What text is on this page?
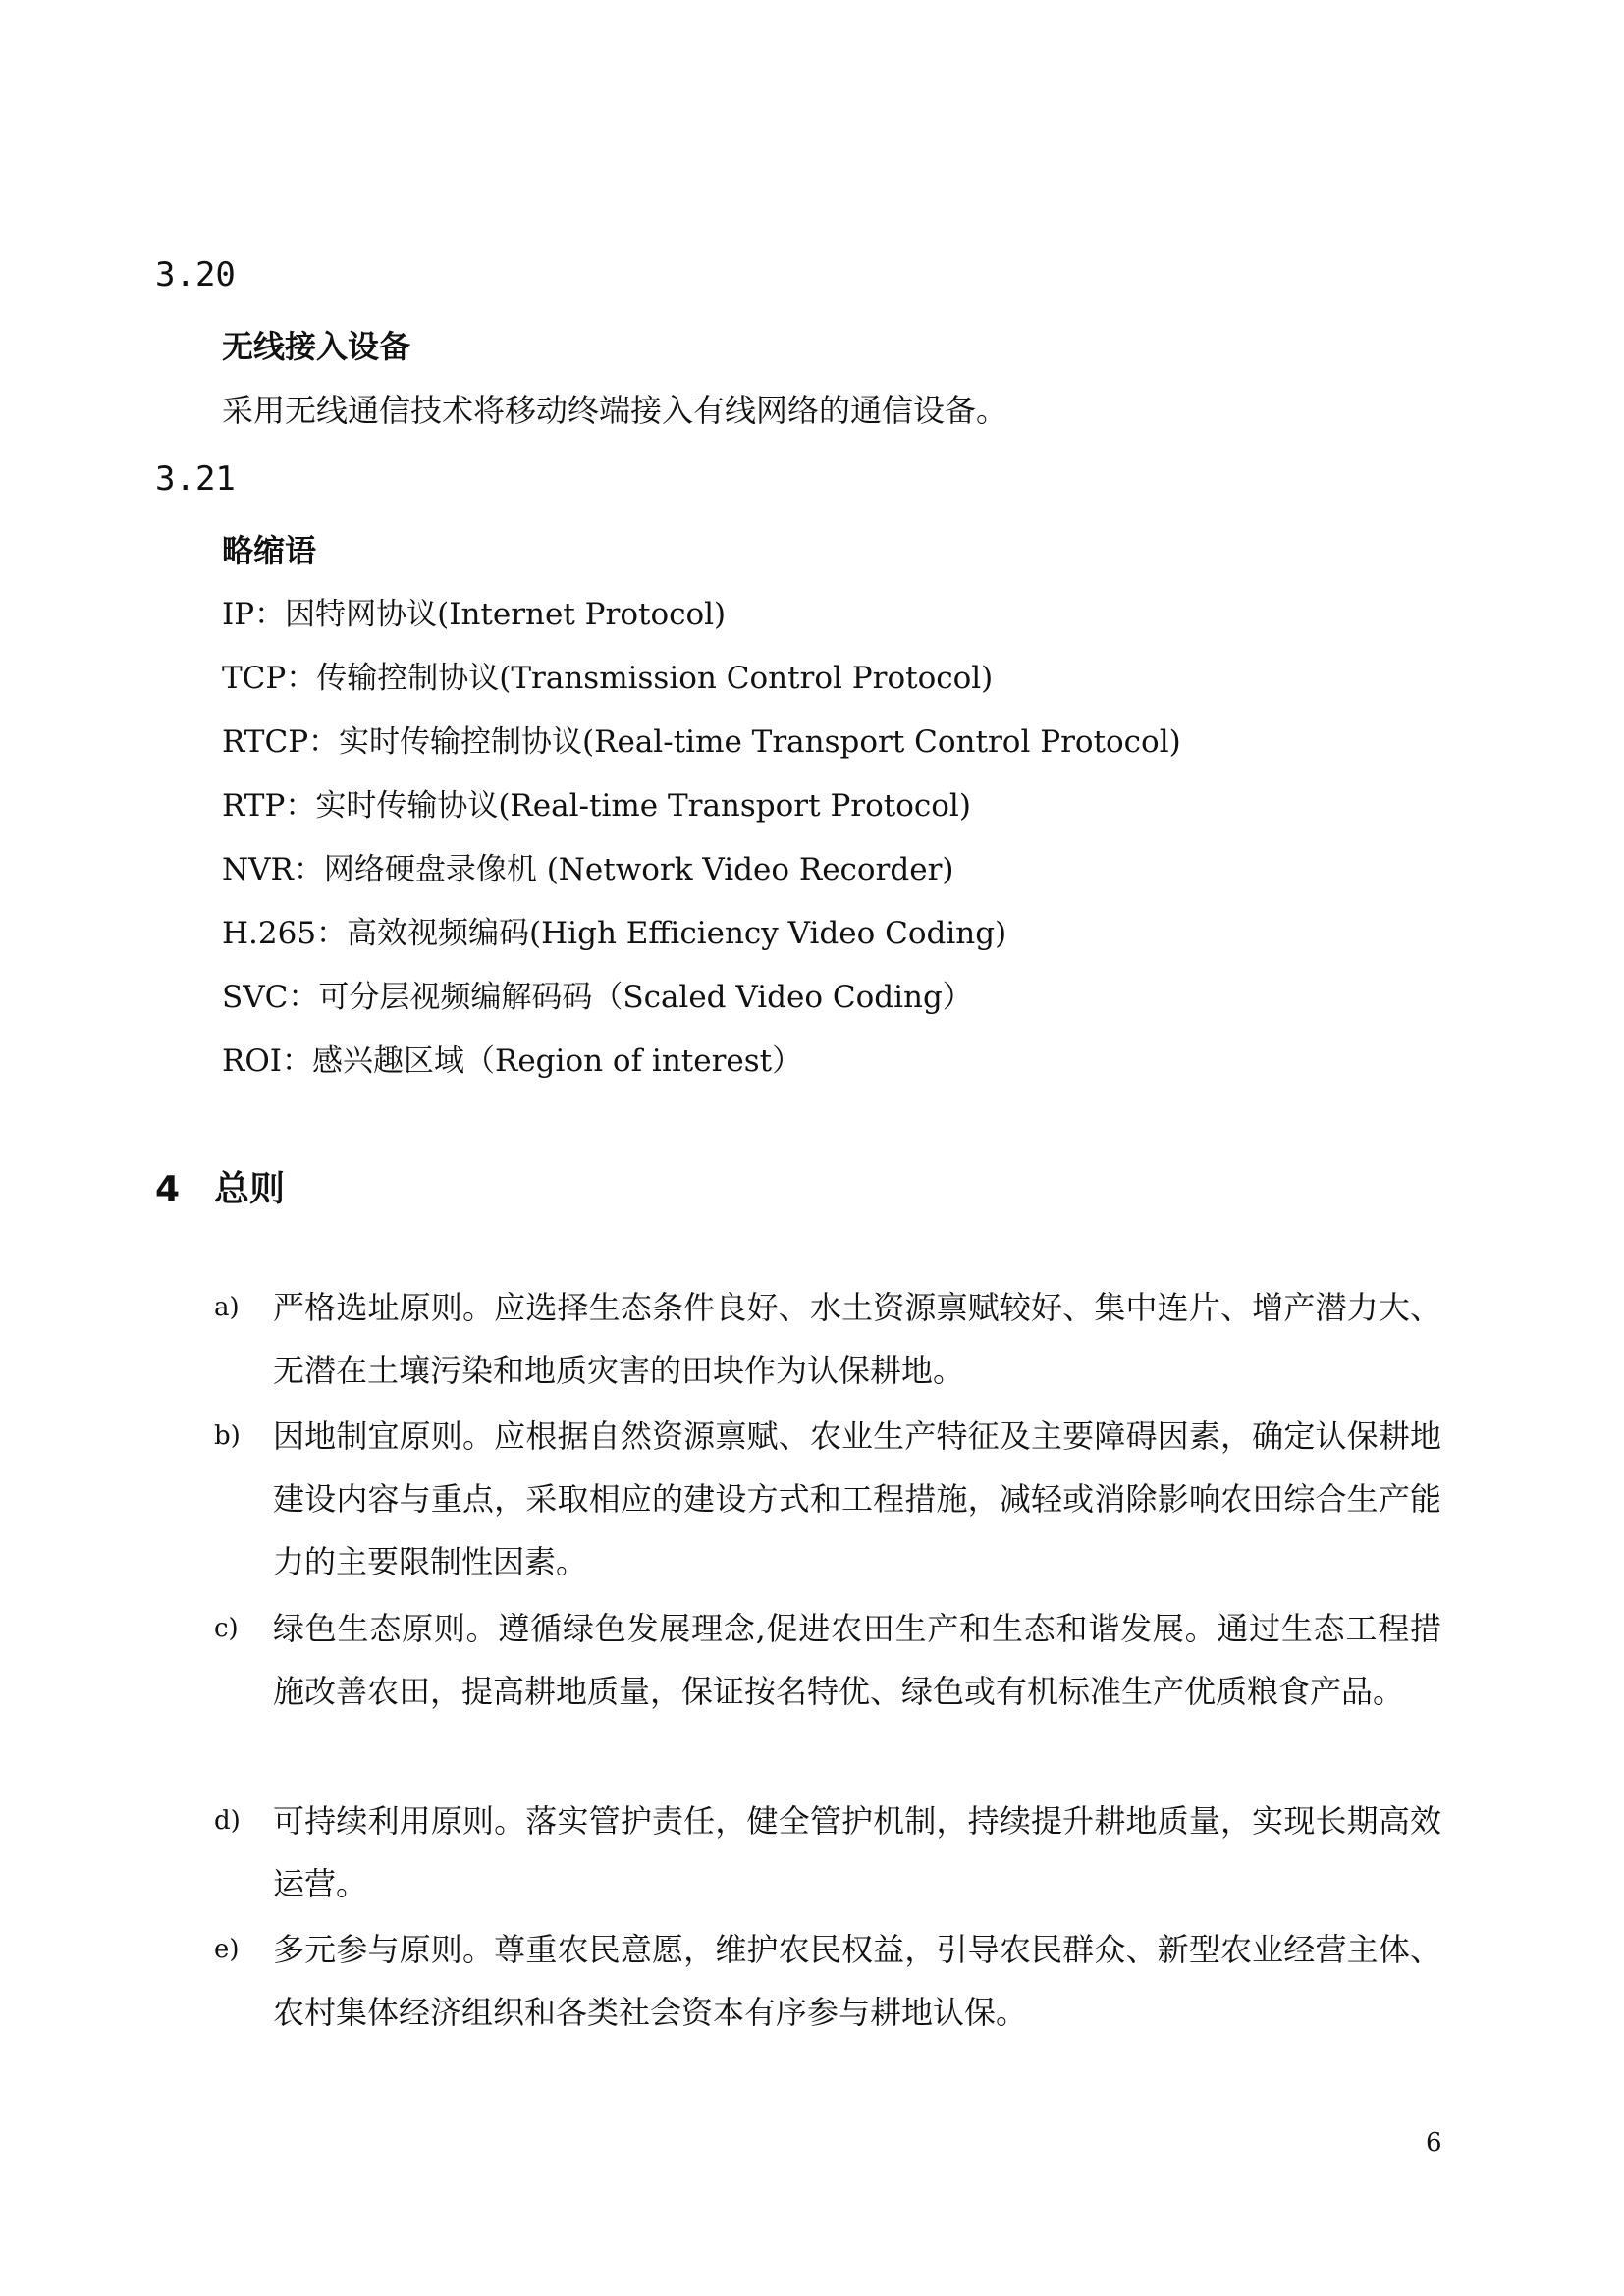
3.20
无线接入设备
采用无线通信技术将移动终端接入有线网络的通信设备。
3.21
略缩语
IP：因特网协议(Internet Protocol)
TCP：传输控制协议(Transmission Control Protocol)
RTCP：实时传输控制协议(Real-time Transport Control Protocol)
RTP：实时传输协议(Real-time Transport Protocol)
NVR：网络硬盘录像机 (Network Video Recorder)
H.265：高效视频编码(High Efficiency Video Coding)
SVC：可分层视频编解码码（Scaled Video Coding）
ROI：感兴趣区域（Region of interest）
4 总则
a) 严格选址原则。应选择生态条件良好、水土资源禀赋较好、集中连片、增产潜力大、无潜在土壤污染和地质灾害的田块作为认保耕地。
b) 因地制宜原则。应根据自然资源禀赋、农业生产特征及主要障碍因素，确定认保耕地建设内容与重点，采取相应的建设方式和工程措施，减轻或消除影响农田综合生产能力的主要限制性因素。
c) 绿色生态原则。遵循绿色发展理念,促进农田生产和生态和谐发展。通过生态工程措施改善农田，提高耕地质量，保证按名特优、绿色或有机标准生产优质粮食产品。
d) 可持续利用原则。落实管护责任，健全管护机制，持续提升耕地质量，实现长期高效运营。
e) 多元参与原则。尊重农民意愿，维护农民权益，引导农民群众、新型农业经营主体、农村集体经济组织和各类社会资本有序参与耕地认保。
6
